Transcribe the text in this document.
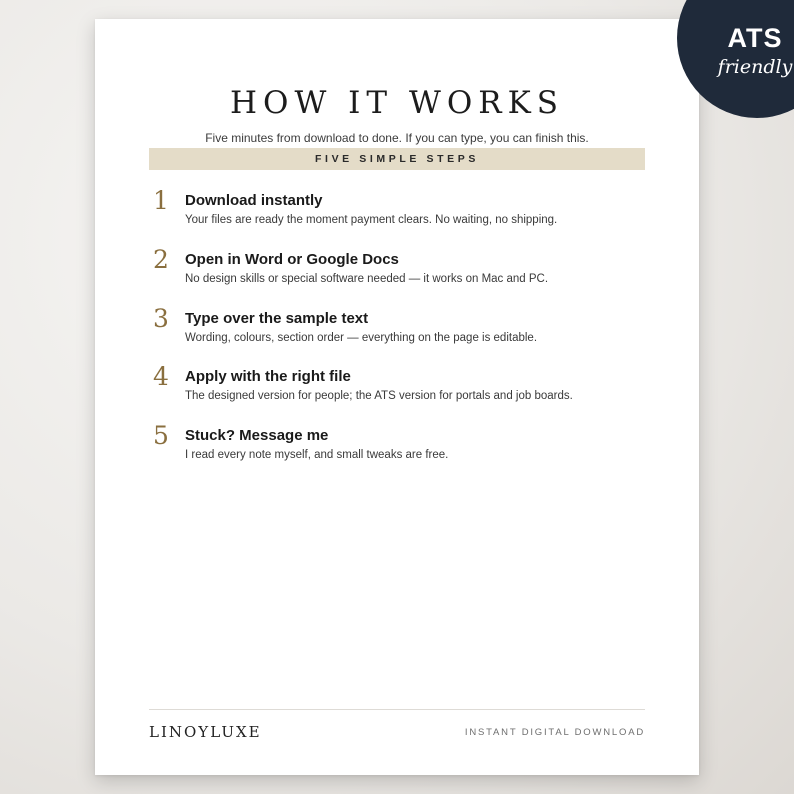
HOW IT WORKS
Five minutes from download to done. If you can type, you can finish this.
FIVE SIMPLE STEPS
1 Download instantly
Your files are ready the moment payment clears. No waiting, no shipping.
2 Open in Word or Google Docs
No design skills or special software needed — it works on Mac and PC.
3 Type over the sample text
Wording, colours, section order — everything on the page is editable.
4 Apply with the right file
The designed version for people; the ATS version for portals and job boards.
5 Stuck? Message me
I read every note myself, and small tweaks are free.
LINOYLUXE	INSTANT DIGITAL DOWNLOAD
ATS
friendly
